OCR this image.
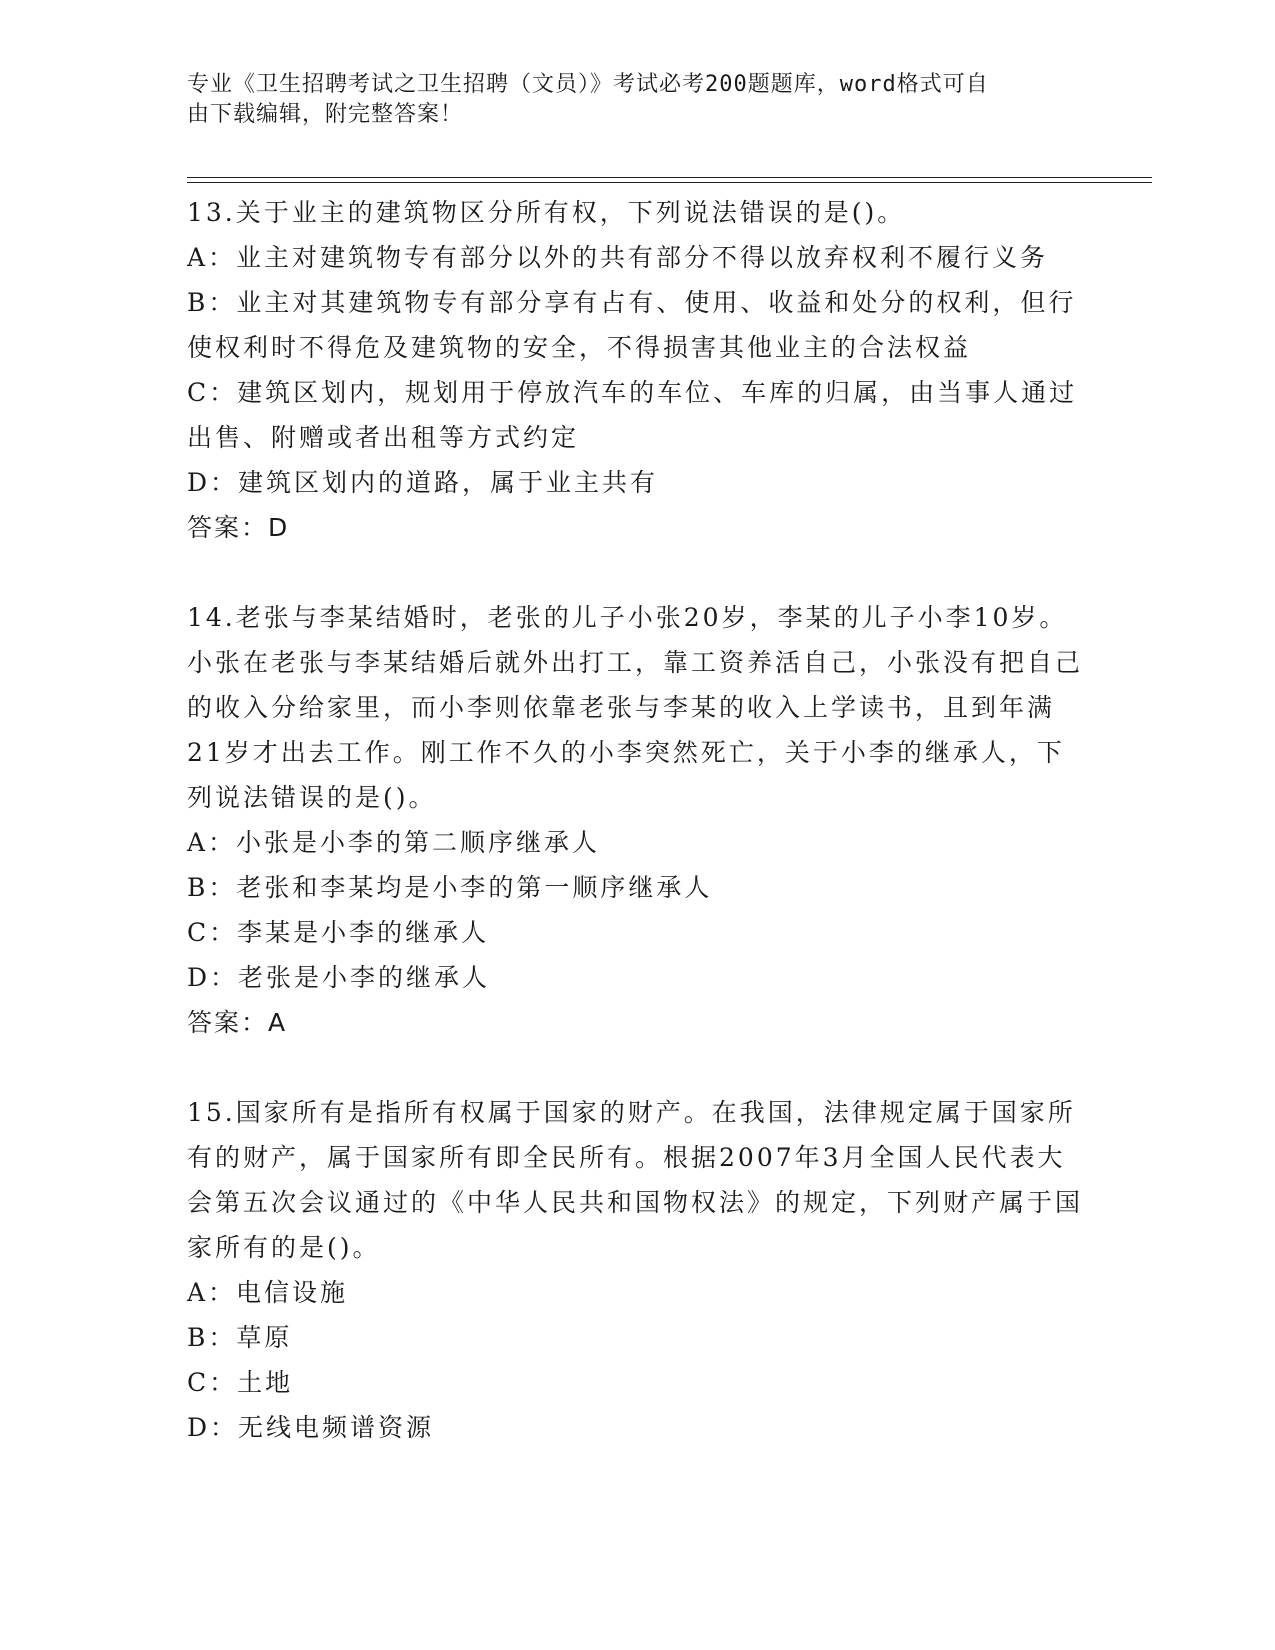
专业《卫生招聘考试之卫生招聘（文员）》考试必考200题题库，word格式可自
由下载编辑，附完整答案！

13.关于业主的建筑物区分所有权，下列说法错误的是()。

A：业主对建筑物专有部分以外的共有部分不得以放弃权利不履行义务

B：业主对其建筑物专有部分享有占有、使用、收益和处分的权利，但行使权利时不得危及建筑物的安全，不得损害其他业主的合法权益

C：建筑区划内，规划用于停放汽车的车位、车库的归属，由当事人通过出售、附赠或者出租等方式约定

D：建筑区划内的道路，属于业主共有

答案：D

14.老张与李某结婚时，老张的儿子小张20岁，李某的儿子小李10岁。小张在老张与李某结婚后就外出打工，靠工资养活自己，小张没有把自己的收入分给家里，而小李则依靠老张与李某的收入上学读书，且到年满21岁才出去工作。刚工作不久的小李突然死亡，关于小李的继承人，下列说法错误的是()。

A：小张是小李的第二顺序继承人

B：老张和李某均是小李的第一顺序继承人

C：李某是小李的继承人

D：老张是小李的继承人

答案：A

15.国家所有是指所有权属于国家的财产。在我国，法律规定属于国家所有的财产，属于国家所有即全民所有。根据2007年3月全国人民代表大会第五次会议通过的《中华人民共和国物权法》的规定，下列财产属于国家所有的是()。

A：电信设施

B：草原

C：土地

D：无线电频谱资源
